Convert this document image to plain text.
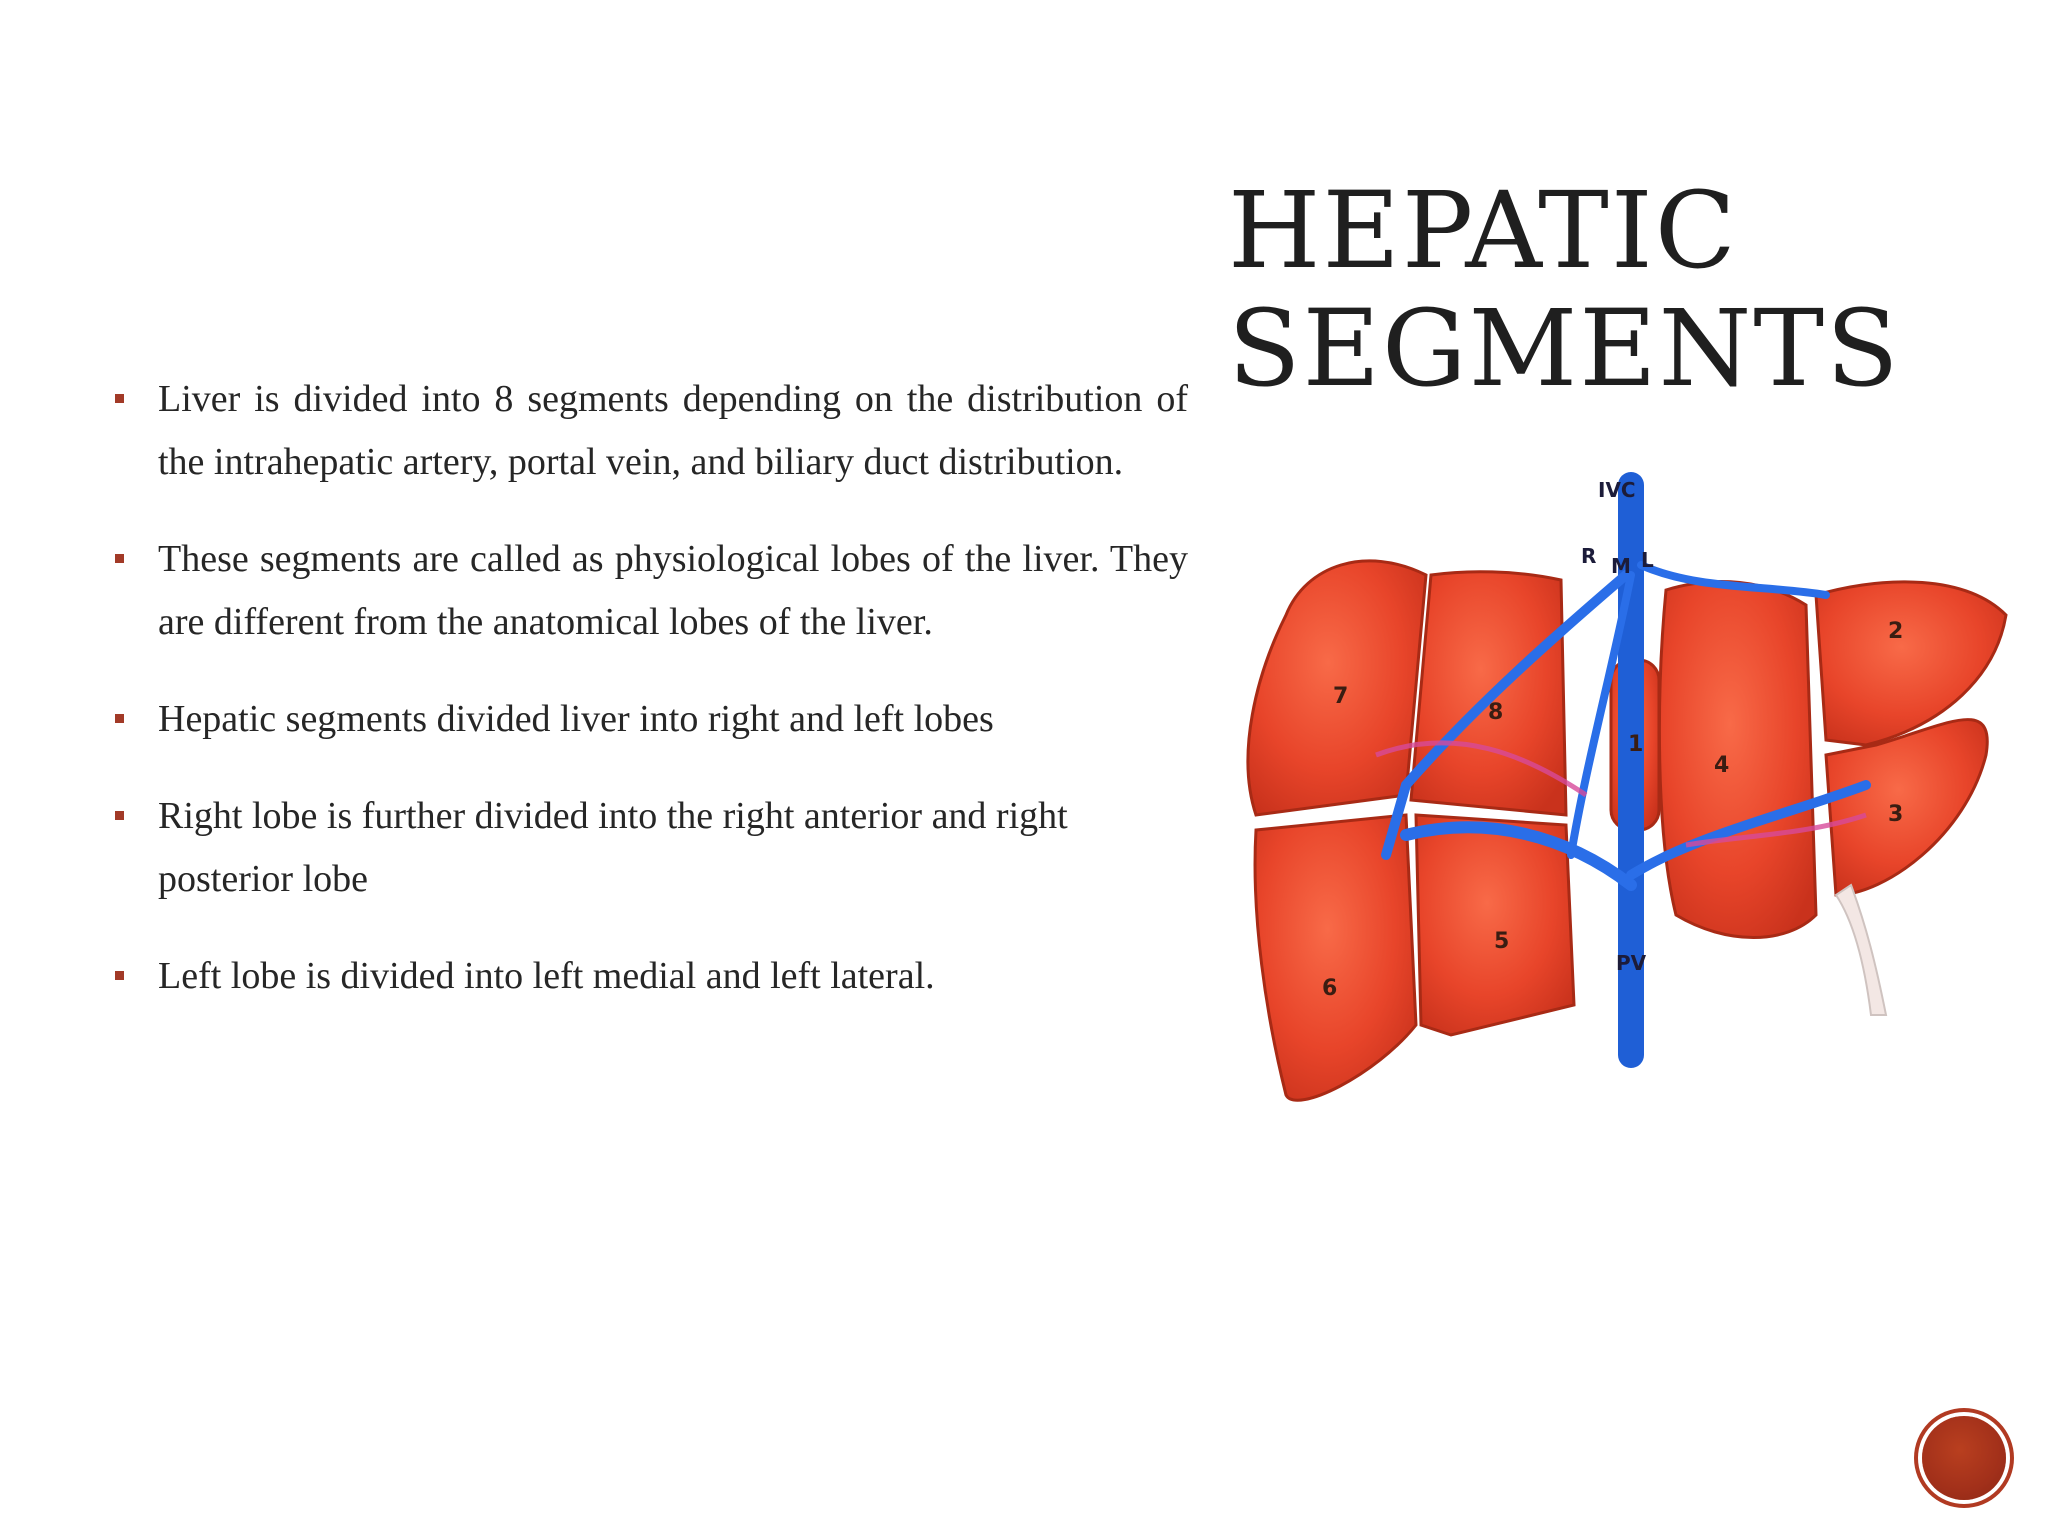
HEPATIC
SEGMENTS
Liver is divided into 8 segments depending on the distribution of the intrahepatic artery, portal vein, and biliary duct distribution.
These segments are called as physiological lobes of the liver. They are different from the anatomical lobes of the liver.
Hepatic segments divided liver into right and left lobes
Right lobe is further divided into the right anterior and right posterior lobe
Left lobe is divided into left medial and left lateral.
IVC
R M L
PV
7
8
1
4
2
3
5
6
